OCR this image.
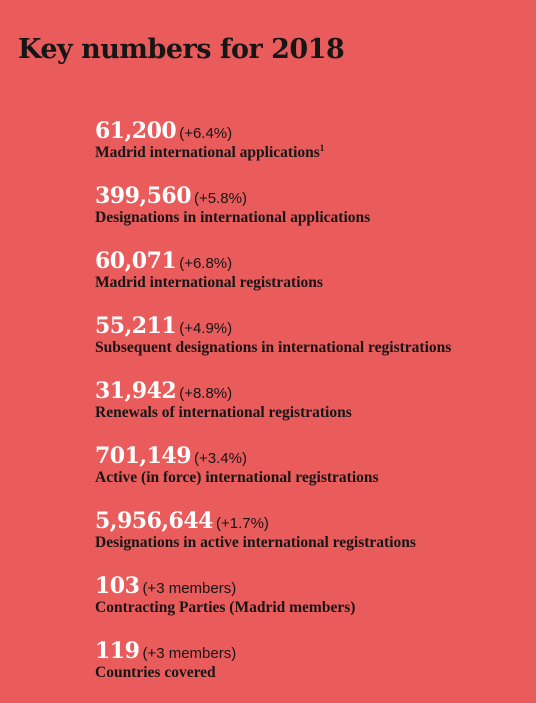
Key numbers for 2018
61,200 (+6.4%)
Madrid international applications$^1$
399,560 (+5.8%)
Designations in international applications
60,071 (+6.8%)
Madrid international registrations
55,211 (+4.9%)
Subsequent designations in international registrations
31,942 (+8.8%)
Renewals of international registrations
701,149 (+3.4%)
Active (in force) international registrations
5,956,644 (+1.7%)
Designations in active international registrations
103 (+3 members)
Contracting Parties (Madrid members)
119 (+3 members)
Countries covered
